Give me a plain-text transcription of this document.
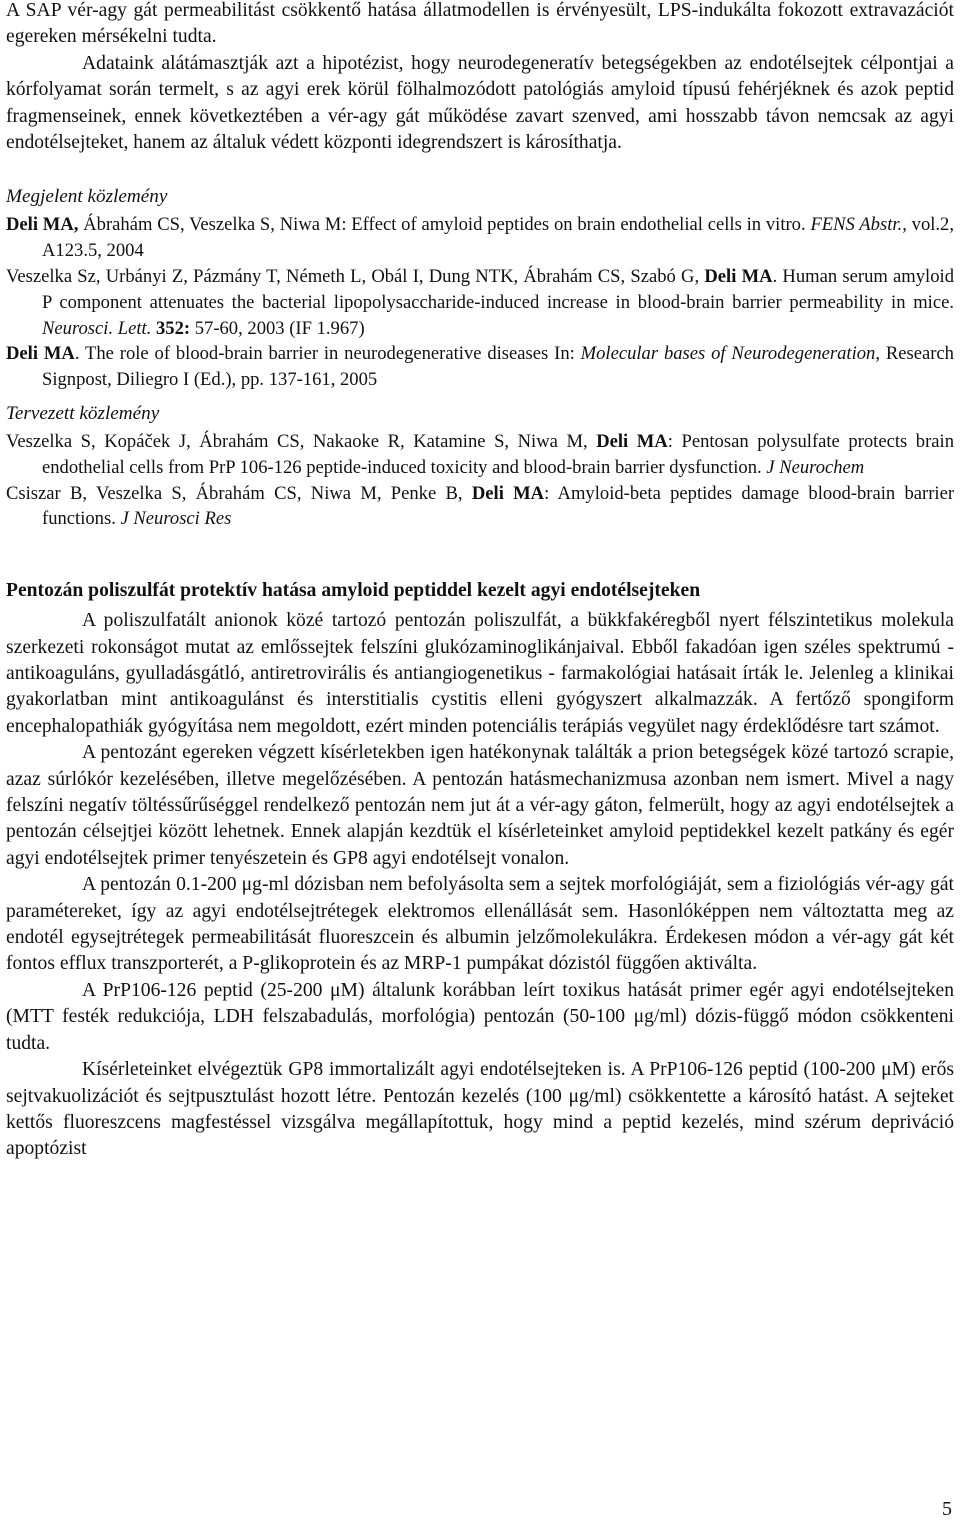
A SAP vér-agy gát permeabilitást csökkentő hatása állatmodellen is érvényesült, LPS-indukálta fokozott extravazációt egereken mérsékelni tudta.

Adataink alátámasztják azt a hipotézist, hogy neurodegeneratív betegségekben az endotélsejtek célpontjai a kórfolyamat során termelt, s az agyi erek körül fölhalmozódott patológiás amyloid típusú fehérjéknek és azok peptid fragmenseinek, ennek következtében a vér-agy gát működése zavart szenved, ami hosszabb távon nemcsak az agyi endotélsejteket, hanem az általuk védett központi idegrendszert is károsíthatja.

Megjelent közlemény

Deli MA, Ábrahám CS, Veszelka S, Niwa M: Effect of amyloid peptides on brain endothelial cells in vitro. FENS Abstr., vol.2, A123.5, 2004

Veszelka Sz, Urbányi Z, Pázmány T, Németh L, Obál I, Dung NTK, Ábrahám CS, Szabó G, Deli MA. Human serum amyloid P component attenuates the bacterial lipopolysaccharide-induced increase in blood-brain barrier permeability in mice. Neurosci. Lett. 352: 57-60, 2003 (IF 1.967)

Deli MA. The role of blood-brain barrier in neurodegenerative diseases In: Molecular bases of Neurodegeneration, Research Signpost, Diliegro I (Ed.), pp. 137-161, 2005

Tervezett közlemény

Veszelka S, Kopáček J, Ábrahám CS, Nakaoke R, Katamine S, Niwa M, Deli MA: Pentosan polysulfate protects brain endothelial cells from PrP 106-126 peptide-induced toxicity and blood-brain barrier dysfunction. J Neurochem

Csiszar B, Veszelka S, Ábrahám CS, Niwa M, Penke B, Deli MA: Amyloid-beta peptides damage blood-brain barrier functions. J Neurosci Res

Pentozán poliszulfát protektív hatása amyloid peptiddel kezelt agyi endotélsejteken

A poliszulfatált anionok közé tartozó pentozán poliszulfát, a bükkfakéregből nyert félszintetikus molekula szerkezeti rokonságot mutat az emlőssejtek felszíni glukózaminoglikánjaival. Ebből fakadóan igen széles spektrumú - antikoaguláns, gyulladásgátló, antiretrovirális és antiangiogenetikus - farmakológiai hatásait írták le. Jelenleg a klinikai gyakorlatban mint antikoagulánst és interstitialis cystitis elleni gyógyszert alkalmazzák. A fertőző spongiform encephalopathiák gyógyítása nem megoldott, ezért minden potenciális terápiás vegyület nagy érdeklődésre tart számot.

A pentozánt egereken végzett kísérletekben igen hatékonynak találták a prion betegségek közé tartozó scrapie, azaz súrlókór kezelésében, illetve megelőzésében. A pentozán hatásmechanizmusa azonban nem ismert. Mivel a nagy felszíni negatív töltéssűrűséggel rendelkező pentozán nem jut át a vér-agy gáton, felmerült, hogy az agyi endotélsejtek a pentozán célsejtjei között lehetnek. Ennek alapján kezdtük el kísérleteinket amyloid peptidekkel kezelt patkány és egér agyi endotélsejtek primer tenyészetein és GP8 agyi endotélsejt vonalon.

A pentozán 0.1-200 μg-ml dózisban nem befolyásolta sem a sejtek morfológiáját, sem a fiziológiás vér-agy gát paramétereket, így az agyi endotélsejtrétegek elektromos ellenállását sem. Hasonlóképpen nem változtatta meg az endotél egysejtrétegek permeabilitását fluoreszcein és albumin jelzőmolekulákra. Érdekesen módon a vér-agy gát két fontos efflux transzporterét, a P-glikoprotein és az MRP-1 pumpákat dózistól függően aktiválta.

A PrP106-126 peptid (25-200 μM) általunk korábban leírt toxikus hatását primer egér agyi endotélsejteken (MTT festék redukciója, LDH felszabadulás, morfológia) pentozán (50-100 μg/ml) dózis-függő módon csökkenteni tudta.

Kísérleteinket elvégeztük GP8 immortalizált agyi endotélsejteken is. A PrP106-126 peptid (100-200 μM) erős sejtvakuolizációt és sejtpusztulást hozott létre. Pentozán kezelés (100 μg/ml) csökkentette a károsító hatást. A sejteket kettős fluoreszcens magfestéssel vizsgálva megállapítottuk, hogy mind a peptid kezelés, mind szérum depriváció apoptózist

5
